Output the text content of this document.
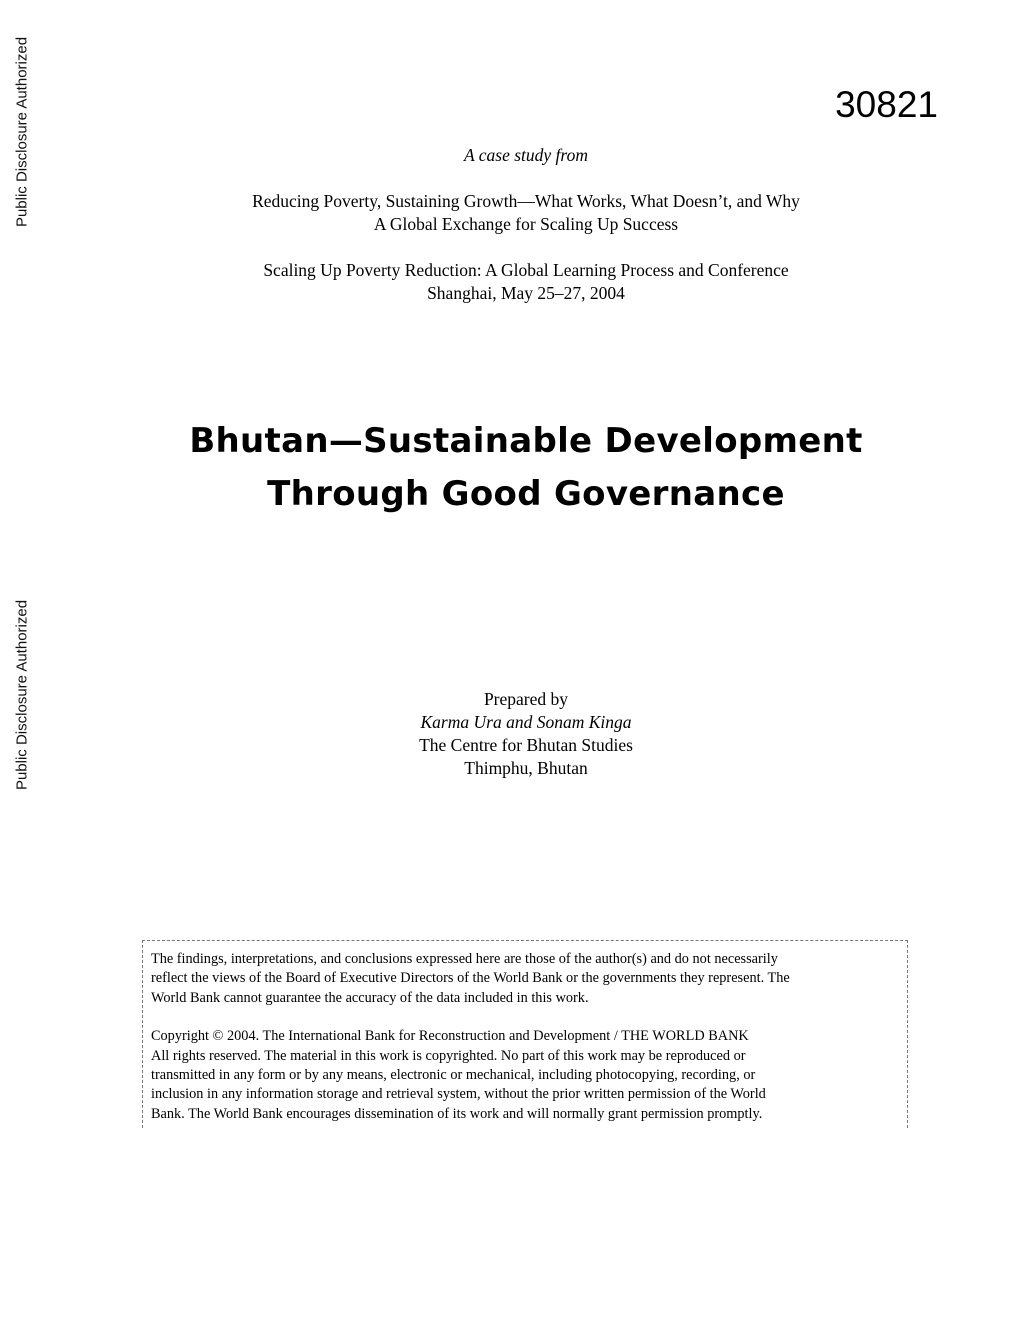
Public Disclosure Authorized
Public Disclosure Authorized
30821
A case study from
Reducing Poverty, Sustaining Growth—What Works, What Doesn’t, and Why
A Global Exchange for Scaling Up Success
Scaling Up Poverty Reduction: A Global Learning Process and Conference
Shanghai, May 25–27, 2004
Bhutan—Sustainable Development
Through Good Governance
Prepared by
Karma Ura and Sonam Kinga
The Centre for Bhutan Studies
Thimphu, Bhutan

The findings, interpretations, and conclusions expressed here are those of the author(s) and do not necessarily
reflect the views of the Board of Executive Directors of the World Bank or the governments they represent. The
World Bank cannot guarantee the accuracy of the data included in this work.

Copyright © 2004. The International Bank for Reconstruction and Development / THE WORLD BANK
All rights reserved. The material in this work is copyrighted. No part of this work may be reproduced or
transmitted in any form or by any means, electronic or mechanical, including photocopying, recording, or
inclusion in any information storage and retrieval system, without the prior written permission of the World
Bank. The World Bank encourages dissemination of its work and will normally grant permission promptly.
